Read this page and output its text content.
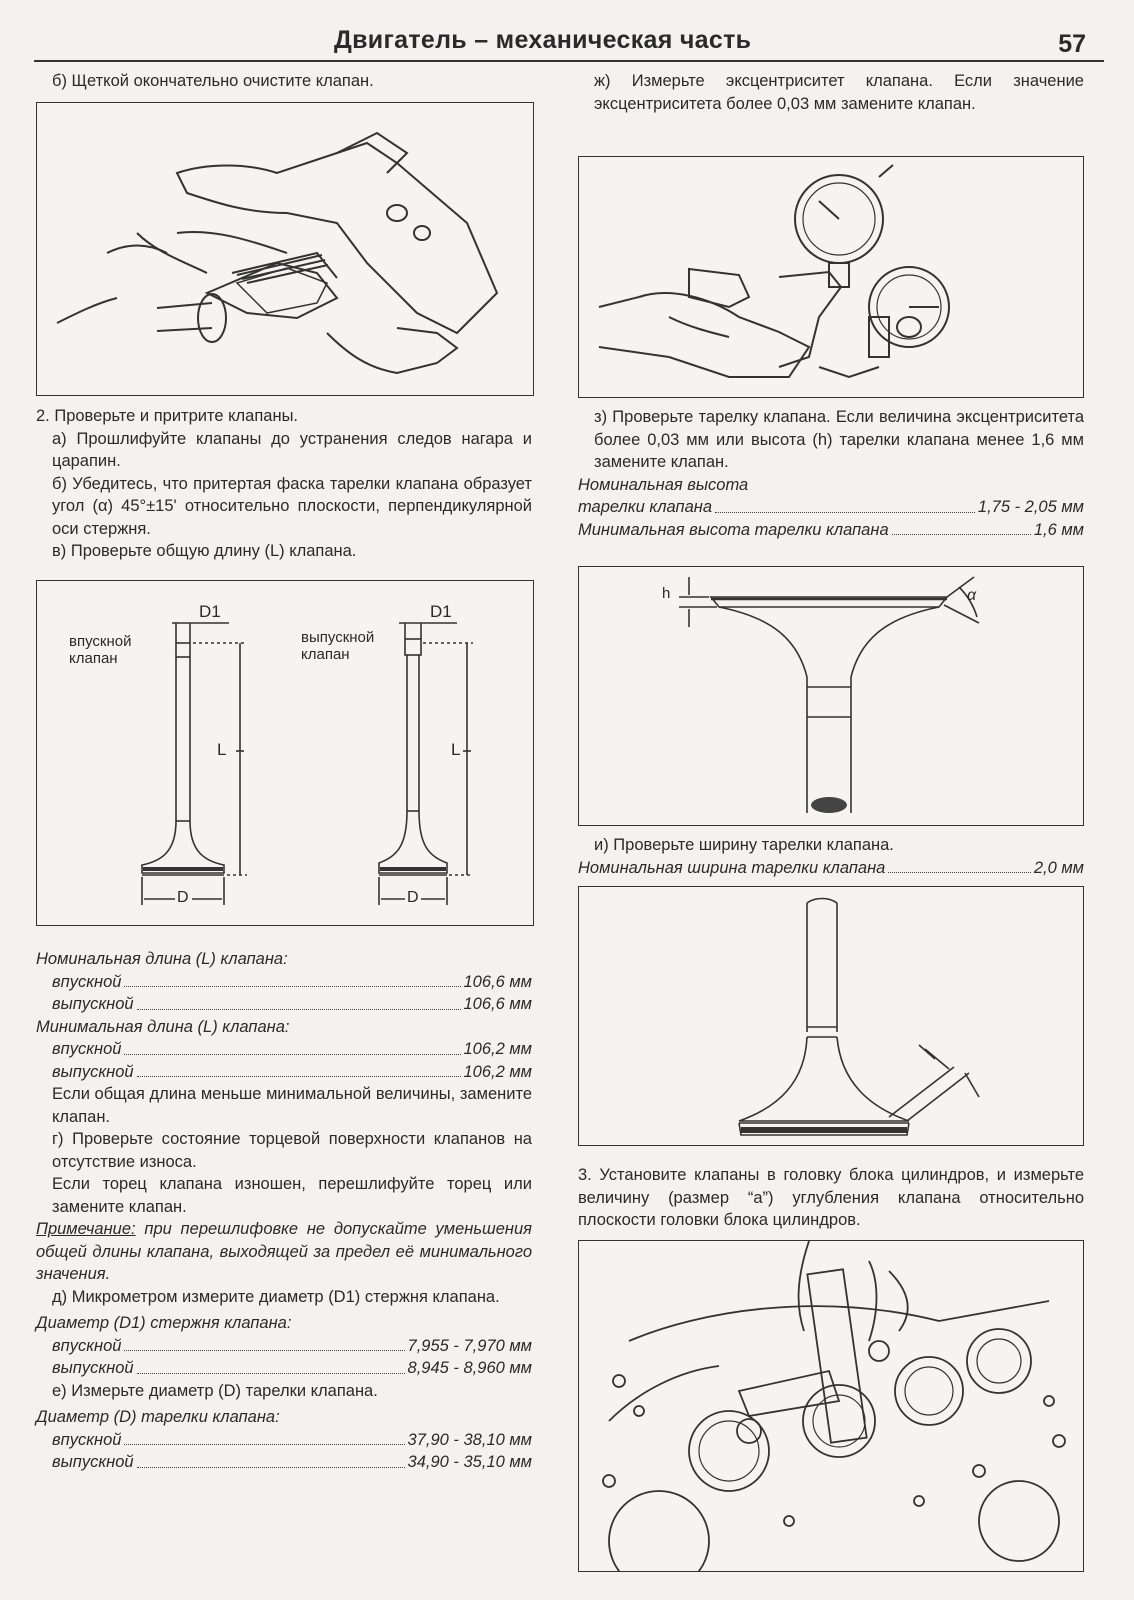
Двигатель – механическая часть	57

б) Щеткой окончательно очистите клапан.

2. Проверьте и притрите клапаны.

а) Прошлифуйте клапаны до устранения следов нагара и царапин.

б) Убедитесь, что притертая фаска тарелки клапана образует угол (α) 45°±15' относительно плоскости, перпендикулярной оси стержня.

в) Проверьте общую длину (L) клапана.

D1	D1
впускной клапан
выпускной клапан
L	L
D	D

Номинальная длина (L) клапана:

впускной	106,6 мм
выпускной	106,6 мм

Минимальная длина (L) клапана:

впускной	106,2 мм
выпускной	106,2 мм

Если общая длина меньше минимальной величины, замените клапан.

г) Проверьте состояние торцевой поверхности клапанов на отсутствие износа.

Если торец клапана изношен, перешлифуйте торец или замените клапан.

Примечание: при перешлифовке не допускайте уменьшения общей длины клапана, выходящей за предел её минимального значения.

д) Микрометром измерите диаметр (D1) стержня клапана.

Диаметр (D1) стержня клапана:

впускной	7,955 - 7,970 мм
выпускной	8,945 - 8,960 мм

е) Измерьте диаметр (D) тарелки клапана.

Диаметр (D) тарелки клапана:

впускной	37,90 - 38,10 мм
выпускной	34,90 - 35,10 мм

ж) Измерьте эксцентриситет клапана. Если значение эксцентриситета более 0,03 мм замените клапан.

з) Проверьте тарелку клапана. Если величина эксцентриситета более 0,03 мм или высота (h) тарелки клапана менее 1,6 мм замените клапан.

Номинальная высота

тарелки клапана	1,75 - 2,05 мм
Минимальная высота тарелки клапана	1,6 мм
h	α

и) Проверьте ширину тарелки клапана.

Номинальная ширина тарелки клапана	2,0 мм

3. Установите клапаны в головку блока цилиндров, и измерьте величину (размер “а”) углубления клапана относительно плоскости головки блока цилиндров.
